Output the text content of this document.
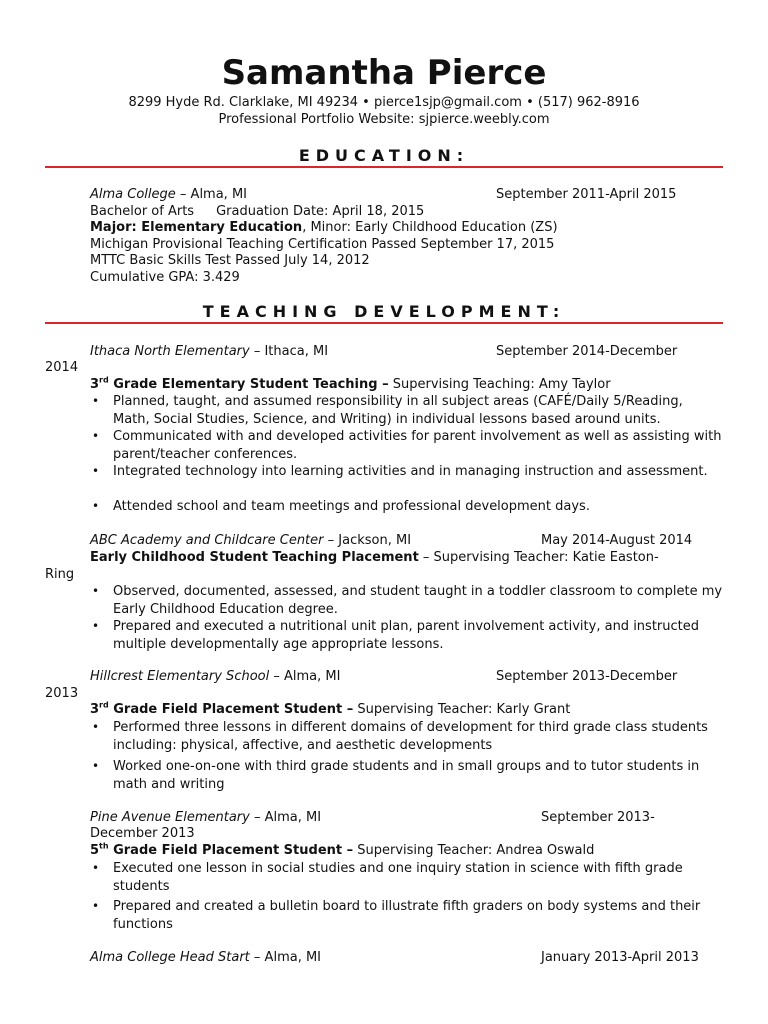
Samantha Pierce
8299 Hyde Rd. Clarklake, MI 49234 • pierce1sjp@gmail.com • (517) 962-8916
Professional Portfolio Website: sjpierce.weebly.com
EDUCATION:
Alma College – Alma, MI	September 2011-April 2015
Bachelor of Arts Graduation Date: April 18, 2015
Major: Elementary Education, Minor: Early Childhood Education (ZS)
Michigan Provisional Teaching Certification Passed September 17, 2015
MTTC Basic Skills Test Passed July 14, 2012
Cumulative GPA: 3.429
TEACHING DEVELOPMENT:
Ithaca North Elementary – Ithaca, MI	September 2014-December
2014
3rd Grade Elementary Student Teaching – Supervising Teaching: Amy Taylor
• Planned, taught, and assumed responsibility in all subject areas (CAFÉ/Daily 5/Reading, Math, Social Studies, Science, and Writing) in individual lessons based around units.
• Communicated with and developed activities for parent involvement as well as assisting with parent/teacher conferences.
• Integrated technology into learning activities and in managing instruction and assessment.
• Attended school and team meetings and professional development days.
ABC Academy and Childcare Center – Jackson, MI	May 2014-August 2014
Early Childhood Student Teaching Placement – Supervising Teacher: Katie Easton-
Ring
• Observed, documented, assessed, and student taught in a toddler classroom to complete my Early Childhood Education degree.
• Prepared and executed a nutritional unit plan, parent involvement activity, and instructed multiple developmentally age appropriate lessons.
Hillcrest Elementary School – Alma, MI	September 2013-December
2013
3rd Grade Field Placement Student – Supervising Teacher: Karly Grant
• Performed three lessons in different domains of development for third grade class students including: physical, affective, and aesthetic developments
• Worked one-on-one with third grade students and in small groups and to tutor students in math and writing
Pine Avenue Elementary – Alma, MI	September 2013-
December 2013
5th Grade Field Placement Student – Supervising Teacher: Andrea Oswald
• Executed one lesson in social studies and one inquiry station in science with fifth grade students
• Prepared and created a bulletin board to illustrate fifth graders on body systems and their functions
Alma College Head Start – Alma, MI	January 2013-April 2013
